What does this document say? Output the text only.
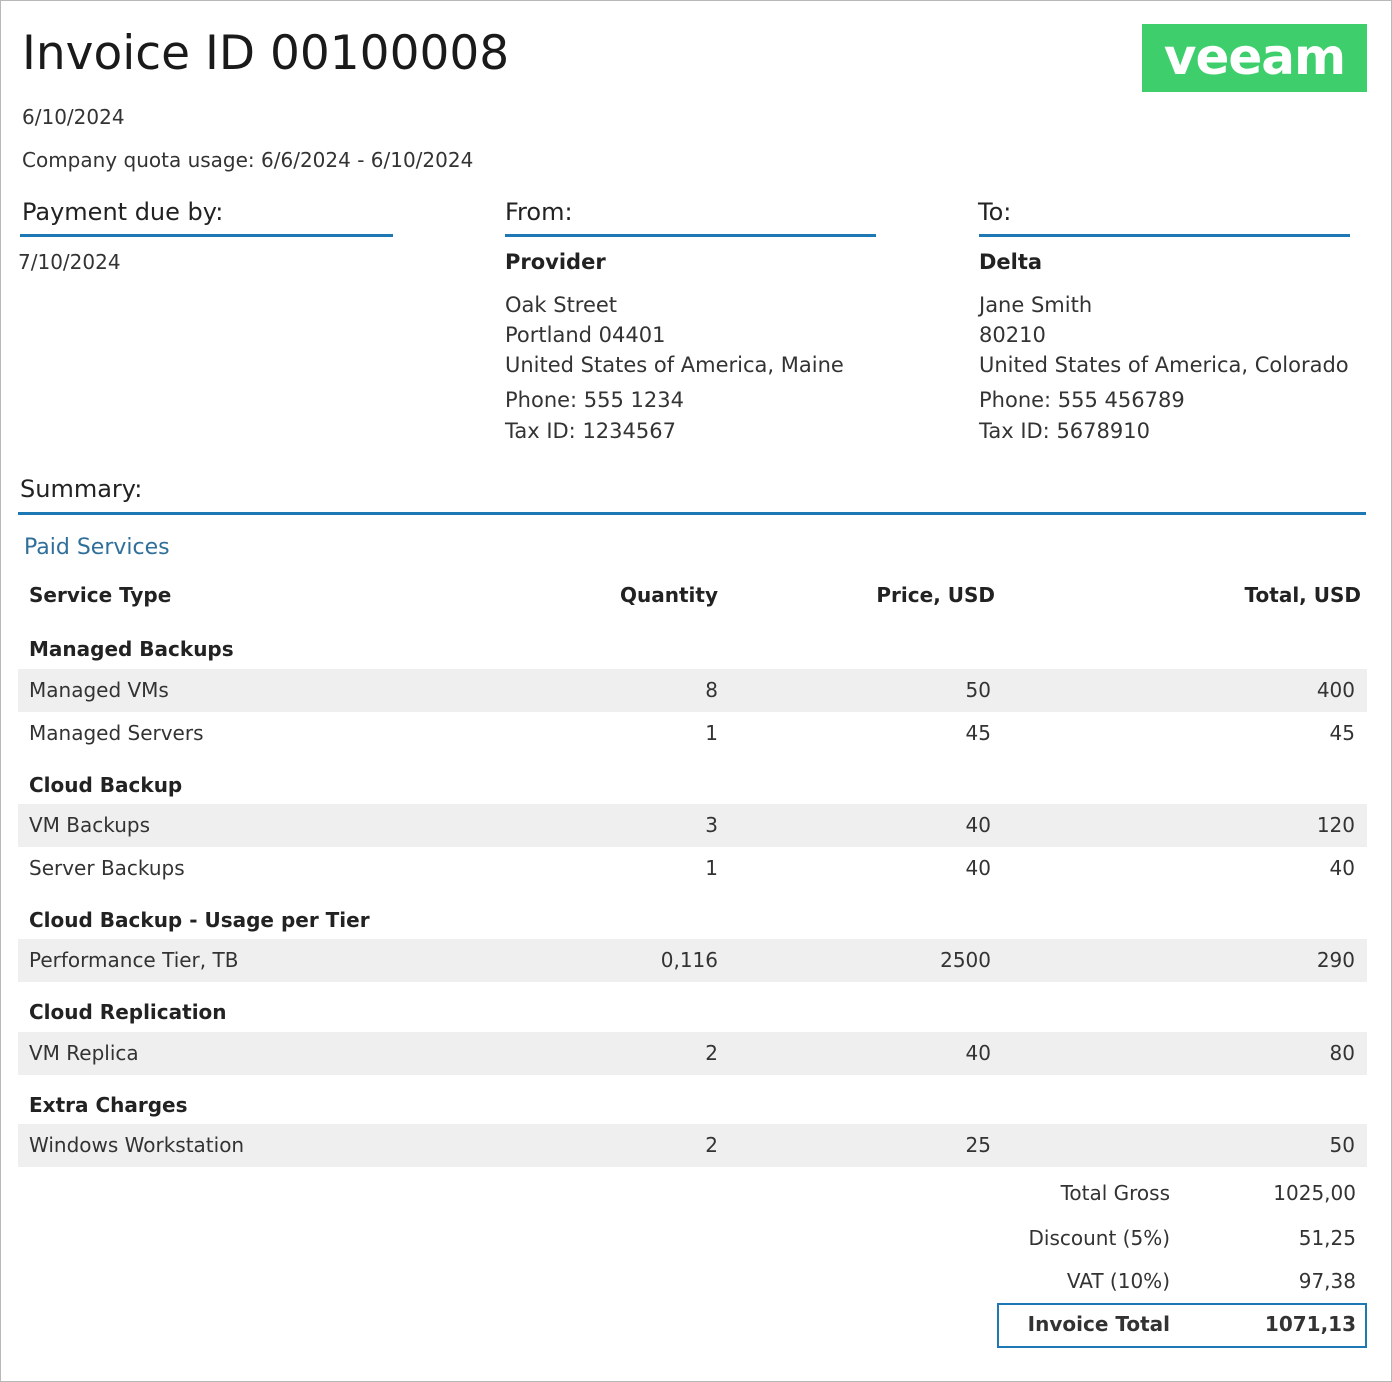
Invoice ID 00100008
6/10/2024
Company quota usage: 6/6/2024 - 6/10/2024
veeam
Payment due by:
7/10/2024
From:
Provider
Oak Street
Portland 04401
United States of America, Maine
Phone: 555 1234
Tax ID: 1234567
To:
Delta
Jane Smith
80210
United States of America, Colorado
Phone: 555 456789
Tax ID: 5678910
Summary:
Paid Services
Service Type	Quantity	Price, USD	Total, USD
Managed Backups
Managed VMs	8	50	400
Managed Servers	1	45	45
Cloud Backup
VM Backups	3	40	120
Server Backups	1	40	40
Cloud Backup - Usage per Tier
Performance Tier, TB	0,116	2500	290
Cloud Replication
VM Replica	2	40	80
Extra Charges
Windows Workstation	2	25	50
Total Gross	1025,00
Discount (5%)	51,25
VAT (10%)	97,38
Invoice Total	1071,13
